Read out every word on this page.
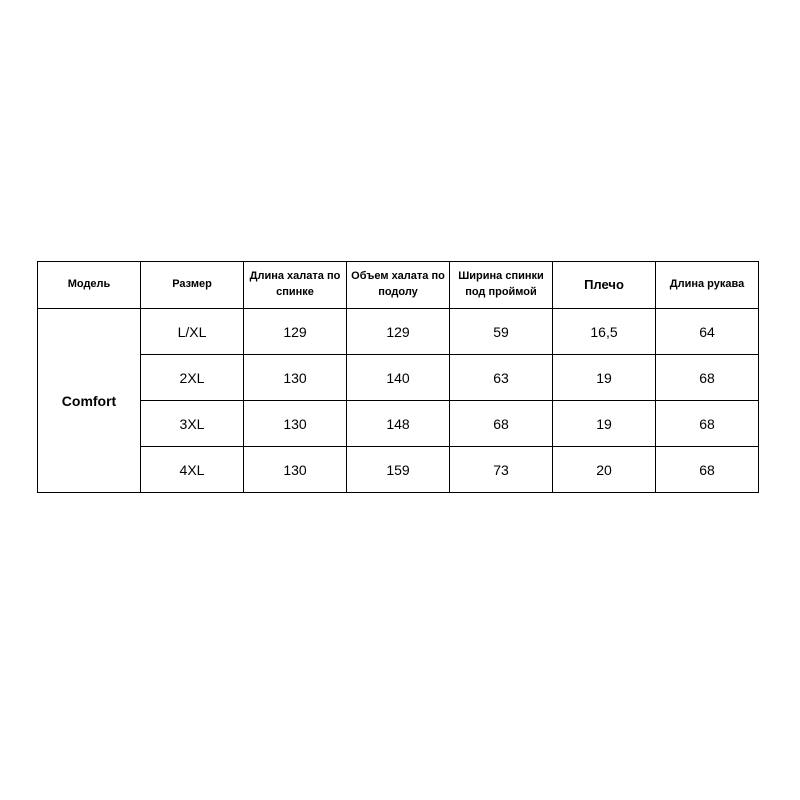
Модель	Размер	Длина халата по спинке	Объем халата по подолу	Ширина спинки под проймой	Плечо	Длина рукава
Comfort	L/XL	129	129	59	16,5	64
	2XL	130	140	63	19	68
	3XL	130	148	68	19	68
	4XL	130	159	73	20	68
